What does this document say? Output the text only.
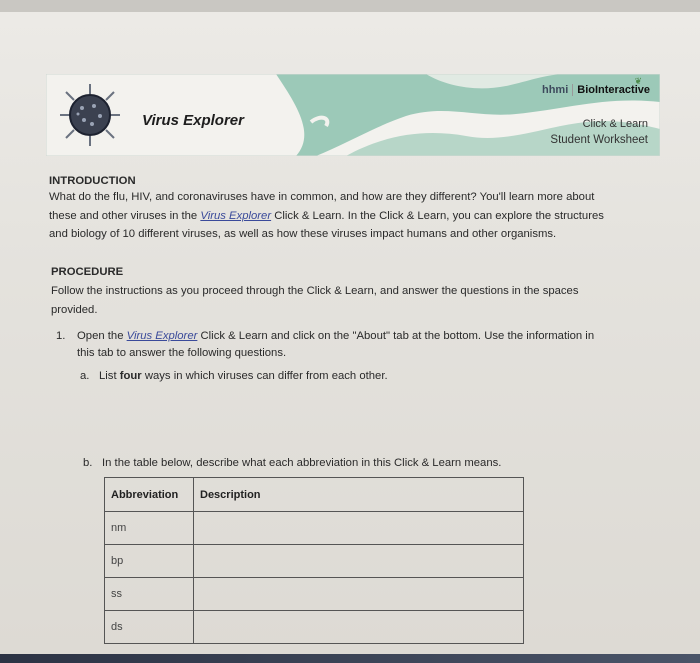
Virus Explorer
❦
hhmi BioInteractive
Click & Learn
Student Worksheet
INTRODUCTION
What do the flu, HIV, and coronaviruses have in common, and how are they different? You'll learn more about
these and other viruses in the Virus Explorer Click & Learn. In the Click & Learn, you can explore the structures
and biology of 10 different viruses, as well as how these viruses impact humans and other organisms.
PROCEDURE
Follow the instructions as you proceed through the Click & Learn, and answer the questions in the spaces
provided.
1. Open the Virus Explorer Click & Learn and click on the "About" tab at the bottom. Use the information in
this tab to answer the following questions.
a. List four ways in which viruses can differ from each other.
b. In the table below, describe what each abbreviation in this Click & Learn means.
Abbreviation	Description
nm	
bp	
ss	
ds	
